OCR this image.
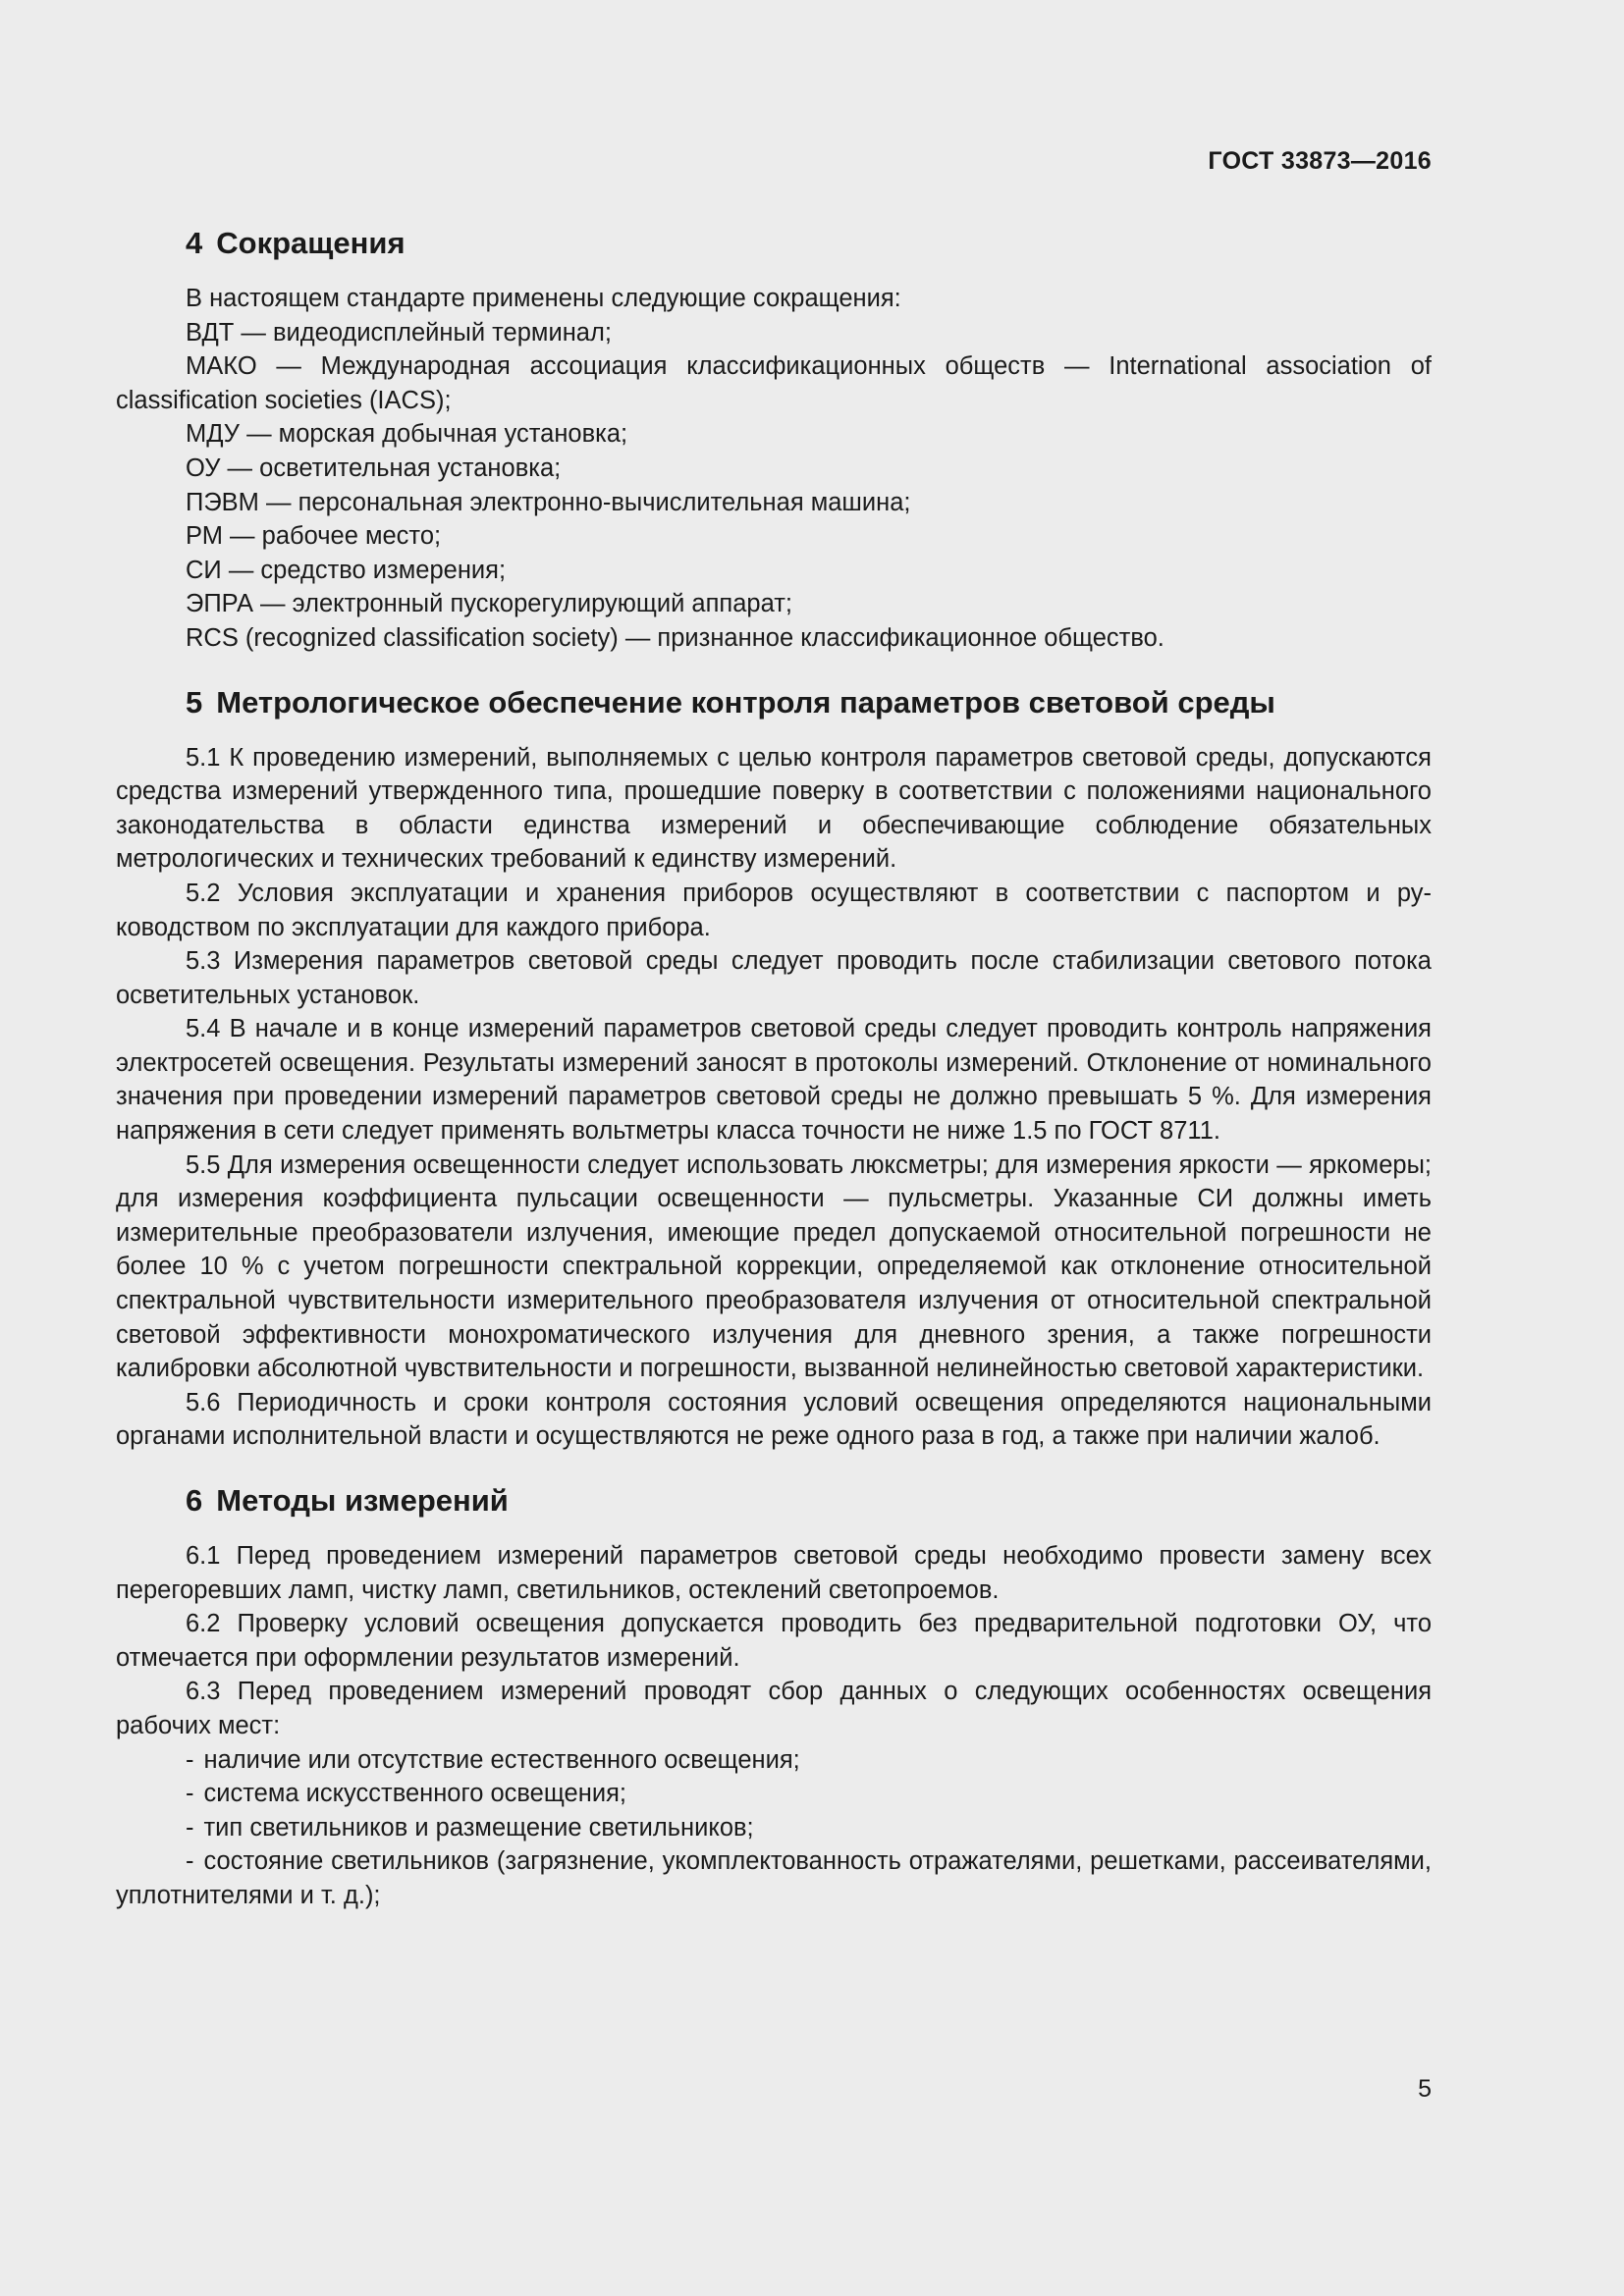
ГОСТ 33873—2016
4 Сокращения

В настоящем стандарте применены следующие сокращения:

ВДТ — видеодисплейный терминал;

МАКО — Международная ассоциация классификационных обществ — International association of classification societies (IACS);

МДУ — морская добычная установка;

ОУ — осветительная установка;

ПЭВМ — персональная электронно-вычислительная машина;

РМ — рабочее место;

СИ — средство измерения;

ЭПРА — электронный пускорегулирующий аппарат;

RCS (recognized classification society) — признанное классификационное общество.

5 Метрологическое обеспечение контроля параметров световой среды

5.1 К проведению измерений, выполняемых с целью контроля параметров световой среды, допускаются средства измерений утвержденного типа, прошедшие поверку в соответствии с положениями национального законодательства в области единства измерений и обеспечивающие соблюдение обязательных метрологических и технических требований к единству измерений.

5.2 Условия эксплуатации и хранения приборов осуществляют в соответствии с паспортом и руководством по эксплуатации для каждого прибора.

5.3 Измерения параметров световой среды следует проводить после стабилизации светового потока осветительных установок.

5.4 В начале и в конце измерений параметров световой среды следует проводить контроль напряжения электросетей освещения. Результаты измерений заносят в протоколы измерений. Отклонение от номинального значения при проведении измерений параметров световой среды не должно превышать 5 %. Для измерения напряжения в сети следует применять вольтметры класса точности не ниже 1.5 по ГОСТ 8711.

5.5 Для измерения освещенности следует использовать люксметры; для измерения яркости — яркомеры; для измерения коэффициента пульсации освещенности — пульсметры. Указанные СИ должны иметь измерительные преобразователи излучения, имеющие предел допускаемой относительной погрешности не более 10 % с учетом погрешности спектральной коррекции, определяемой как отклонение относительной спектральной чувствительности измерительного преобразователя излучения от относительной спектральной световой эффективности монохроматического излучения для дневного зрения, а также погрешности калибровки абсолютной чувствительности и погрешности, вызванной нелинейностью световой характеристики.

5.6 Периодичность и сроки контроля состояния условий освещения определяются национальными органами исполнительной власти и осуществляются не реже одного раза в год, а также при наличии жалоб.

6 Методы измерений

6.1 Перед проведением измерений параметров световой среды необходимо провести замену всех перегоревших ламп, чистку ламп, светильников, остеклений светопроемов.

6.2 Проверку условий освещения допускается проводить без предварительной подготовки ОУ, что отмечается при оформлении результатов измерений.

6.3 Перед проведением измерений проводят сбор данных о следующих особенностях освещения рабочих мест:

- наличие или отсутствие естественного освещения;
- система искусственного освещения;
- тип светильников и размещение светильников;
- состояние светильников (загрязнение, укомплектованность отражателями, решетками, рассеивателями, уплотнителями и т. д.);
5
